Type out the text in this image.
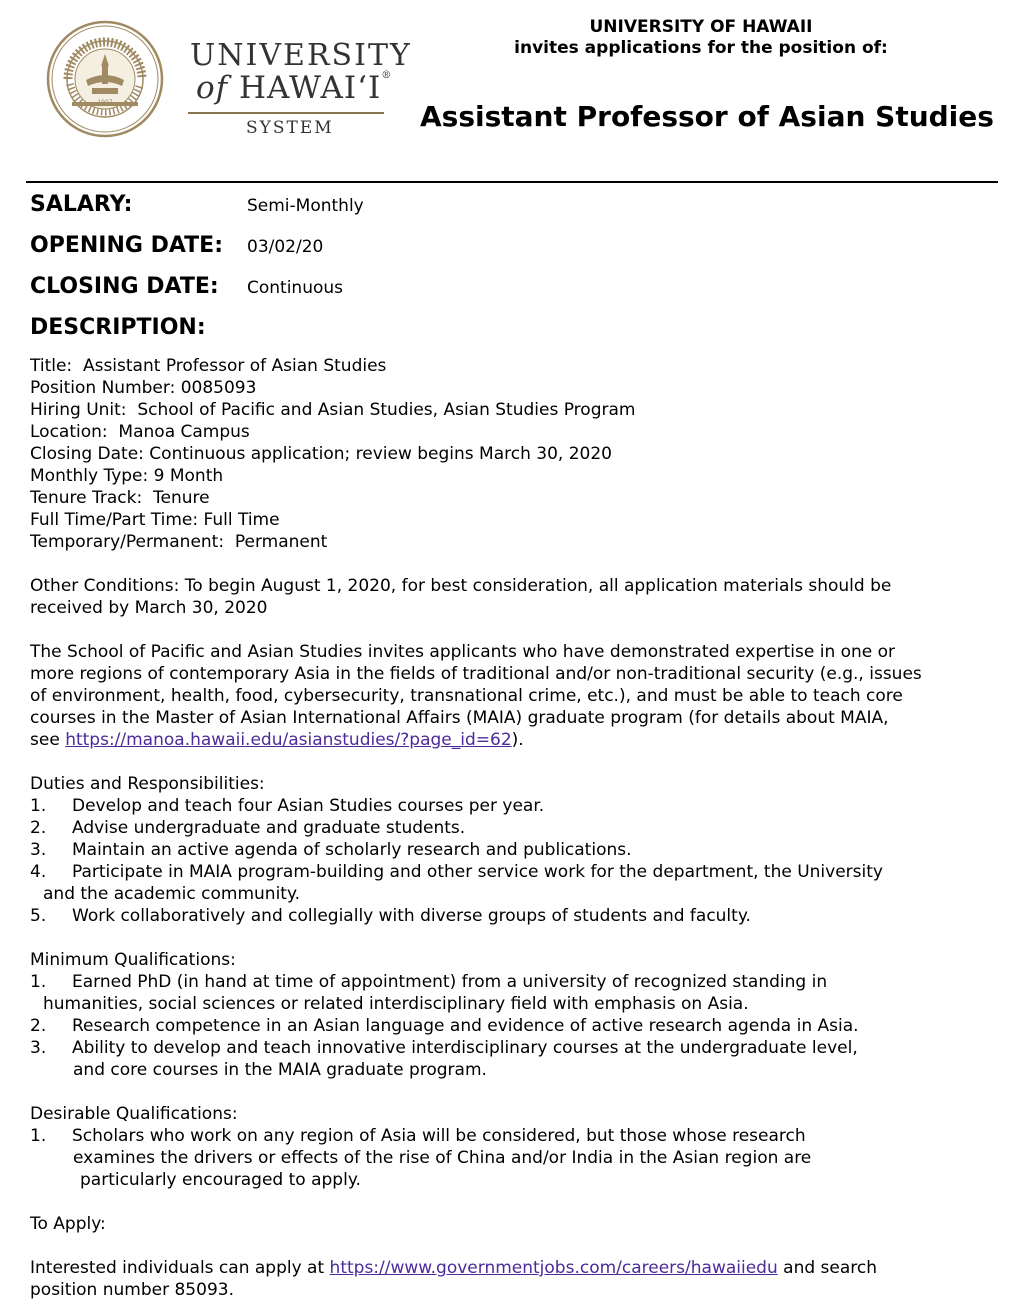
UNIVERSITY
of HAWAIʻI®
SYSTEM
UNIVERSITY OF HAWAII
invites applications for the position of:
Assistant Professor of Asian Studies
SALARY:	Semi-Monthly
OPENING DATE: 03/02/20
CLOSING DATE: Continuous
DESCRIPTION:
Title:  Assistant Professor of Asian Studies
Position Number: 0085093
Hiring Unit:  School of Pacific and Asian Studies, Asian Studies Program
Location:  Manoa Campus
Closing Date: Continuous application; review begins March 30, 2020
Monthly Type: 9 Month
Tenure Track:  Tenure
Full Time/Part Time: Full Time
Temporary/Permanent:  Permanent
Other Conditions: To begin August 1, 2020, for best consideration, all application materials should be
received by March 30, 2020
The School of Pacific and Asian Studies invites applicants who have demonstrated expertise in one or
more regions of contemporary Asia in the fields of traditional and/or non-traditional security (e.g., issues
of environment, health, food, cybersecurity, transnational crime, etc.), and must be able to teach core
courses in the Master of Asian International Affairs (MAIA) graduate program (for details about MAIA,
see https://manoa.hawaii.edu/asianstudies/?page_id=62).
Duties and Responsibilities:
1. Develop and teach four Asian Studies courses per year.
2. Advise undergraduate and graduate students.
3. Maintain an active agenda of scholarly research and publications.
4. Participate in MAIA program-building and other service work for the department, the University
and the academic community.
5. Work collaboratively and collegially with diverse groups of students and faculty.
Minimum Qualifications:
1. Earned PhD (in hand at time of appointment) from a university of recognized standing in
humanities, social sciences or related interdisciplinary field with emphasis on Asia.
2. Research competence in an Asian language and evidence of active research agenda in Asia.
3. Ability to develop and teach innovative interdisciplinary courses at the undergraduate level,
and core courses in the MAIA graduate program.
Desirable Qualifications:
1. Scholars who work on any region of Asia will be considered, but those whose research
examines the drivers or effects of the rise of China and/or India in the Asian region are
particularly encouraged to apply.
To Apply:
Interested individuals can apply at https://www.governmentjobs.com/careers/hawaiiedu and search
position number 85093.
